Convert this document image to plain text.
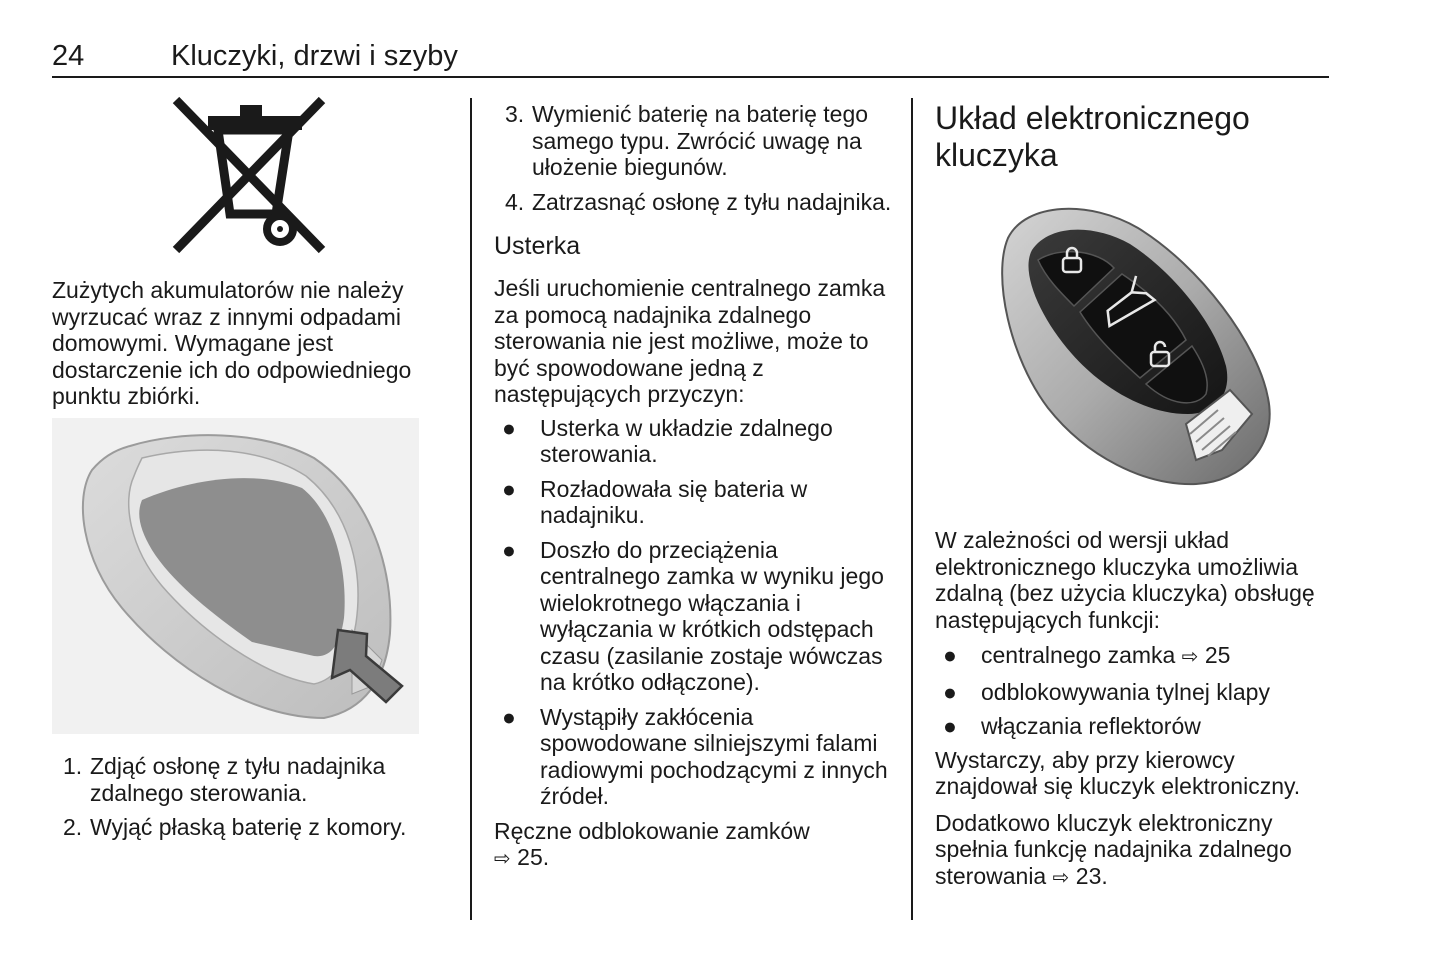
24	Kluczyki, drzwi i szyby

Zużytych akumulatorów nie należy wyrzucać wraz z innymi odpadami domowymi. Wymagane jest dostarczenie ich do odpowiedniego punktu zbiórki.

1. Zdjąć osłonę z tyłu nadajnika zdalnego sterowania.
2. Wyjąć płaską baterię z komory.
3. Wymienić baterię na baterię tego samego typu. Zwrócić uwagę na ułożenie biegunów.
4. Zatrzasnąć osłonę z tyłu nadajnika.
Usterka

Jeśli uruchomienie centralnego zamka za pomocą nadajnika zdalnego sterowania nie jest możliwe, może to być spowodowane jedną z następujących przyczyn:

● Usterka w układzie zdalnego sterowania.
● Rozładowała się bateria w nadajniku.
● Doszło do przeciążenia centralnego zamka w wyniku jego wielokrotnego włączania i wyłączania w krótkich odstępach czasu (zasilanie zostaje wówczas na krótko odłączone).
● Wystąpiły zakłócenia spowodowane silniejszymi falami radiowymi pochodzącymi z innych źródeł.

Ręczne odblokowanie zamków
⇨ 25.

Układ elektronicznego kluczyka

W zależności od wersji układ elektronicznego kluczyka umożliwia zdalną (bez użycia kluczyka) obsługę następujących funkcji:

● centralnego zamka ⇨ 25
● odblokowywania tylnej klapy
● włączania reflektorów

Wystarczy, aby przy kierowcy znajdował się kluczyk elektroniczny.

Dodatkowo kluczyk elektroniczny spełnia funkcję nadajnika zdalnego sterowania ⇨ 23.
